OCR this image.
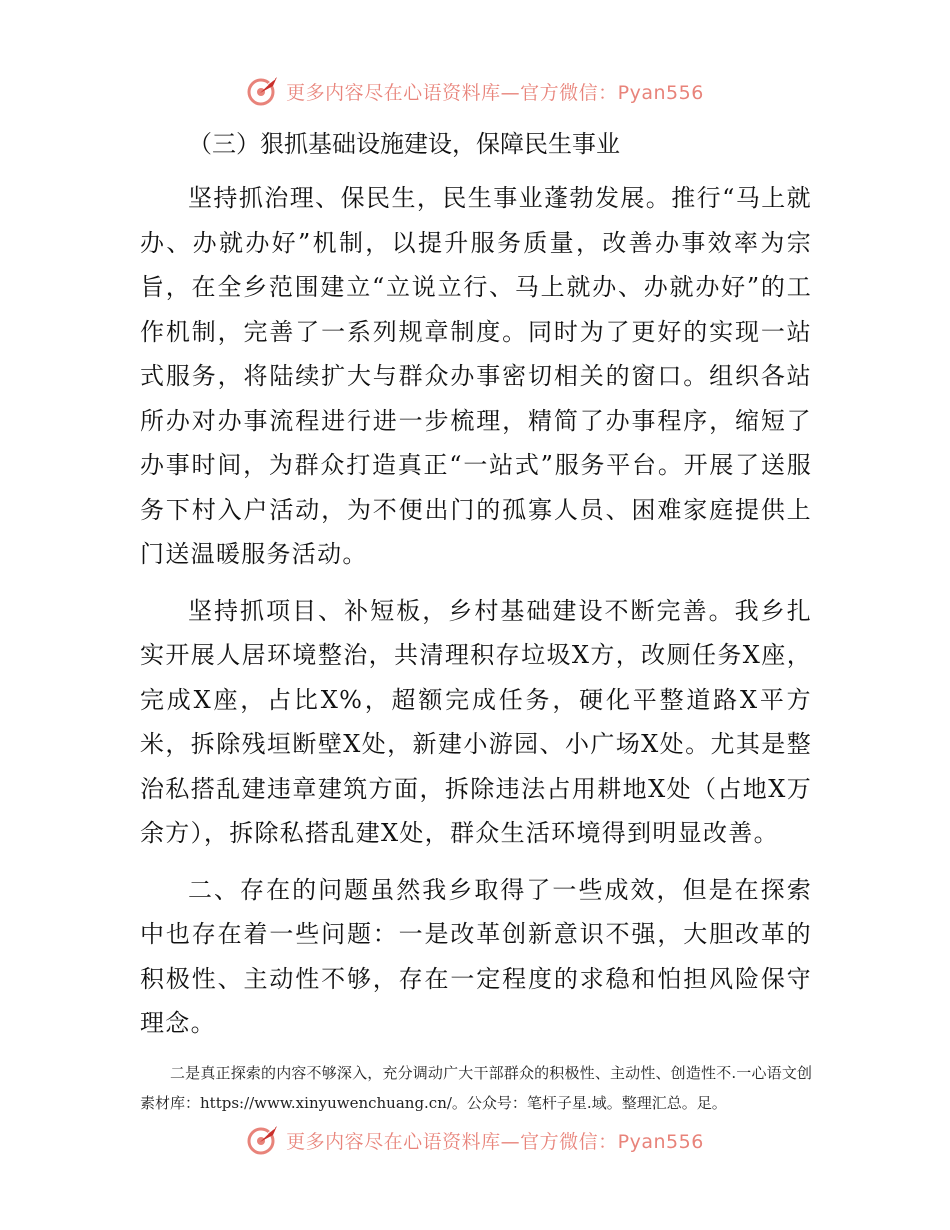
更多内容尽在心语资料库—官方微信：Pyan556
（三）狠抓基础设施建设，保障民生事业

坚持抓治理、保民生，民生事业蓬勃发展。推行“马上就办、办就办好”机制，以提升服务质量，改善办事效率为宗旨，在全乡范围建立“立说立行、马上就办、办就办好”的工作机制，完善了一系列规章制度。同时为了更好的实现一站式服务，将陆续扩大与群众办事密切相关的窗口。组织各站所办对办事流程进行进一步梳理，精简了办事程序，缩短了办事时间，为群众打造真正“一站式”服务平台。开展了送服务下村入户活动，为不便出门的孤寡人员、困难家庭提供上门送温暖服务活动。

坚持抓项目、补短板，乡村基础建设不断完善。我乡扎实开展人居环境整治，共清理积存垃圾X方，改厕任务X座，完成X座，占比X%，超额完成任务，硬化平整道路X平方米，拆除残垣断壁X处，新建小游园、小广场X处。尤其是整治私搭乱建违章建筑方面，拆除违法占用耕地X处（占地X万余方），拆除私搭乱建X处，群众生活环境得到明显改善。

二、存在的问题虽然我乡取得了一些成效，但是在探索中也存在着一些问题：一是改革创新意识不强，大胆改革的积极性、主动性不够，存在一定程度的求稳和怕担风险保守理念。

二是真正探索的内容不够深入，充分调动广大干部群众的积极性、主动性、创造性不.一心语文创素材库：https://www.xinyuwenchuang.cn/。公众号：笔杆子星.域。整理汇总。足。

更多内容尽在心语资料库—官方微信：Pyan556
